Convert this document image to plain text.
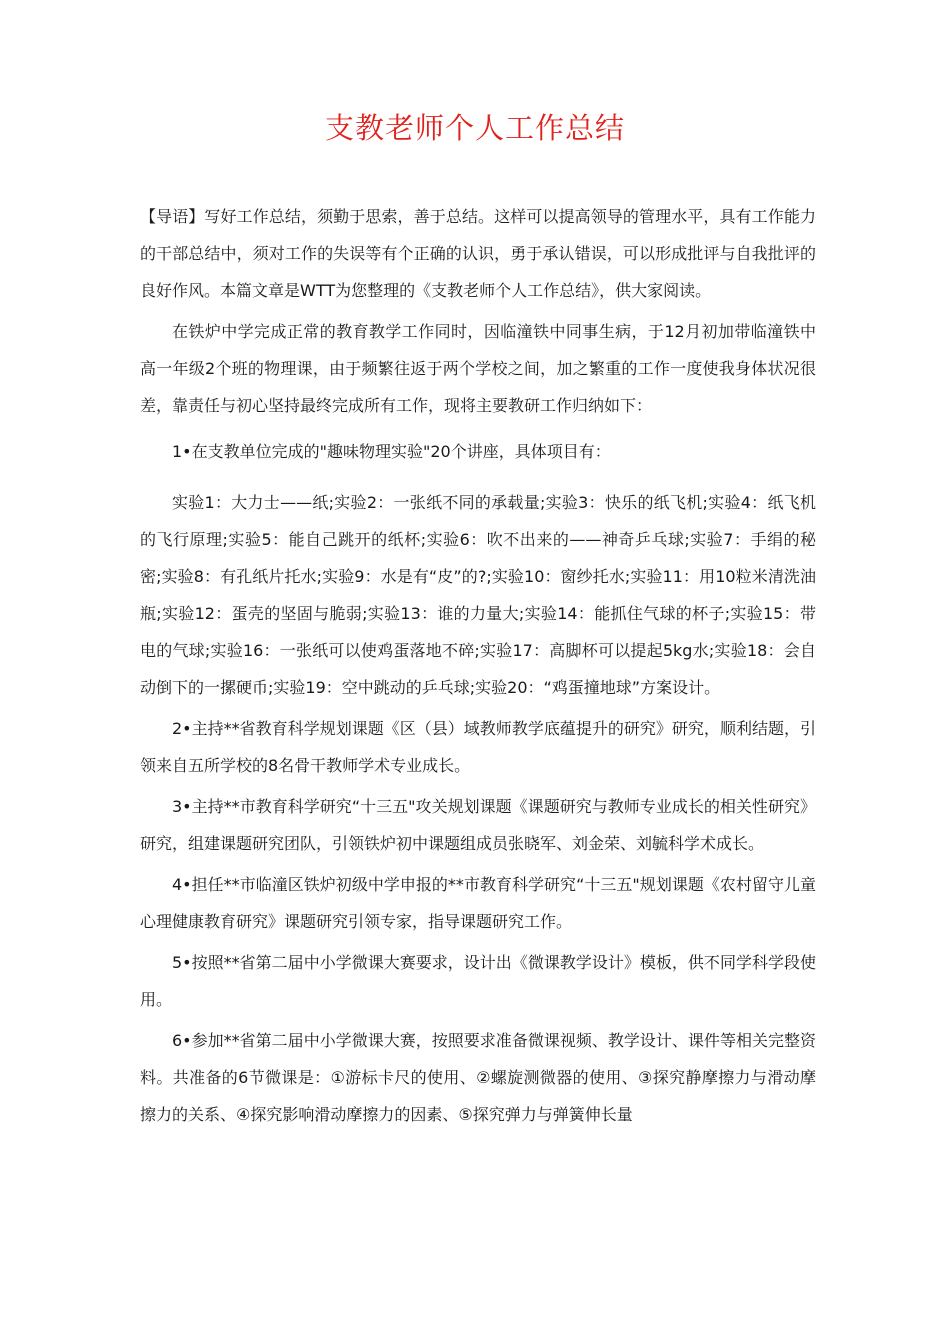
支教老师个人工作总结

【导语】写好工作总结，须勤于思索，善于总结。这样可以提高领导的管理水平，具有工作能力的干部总结中，须对工作的失误等有个正确的认识，勇于承认错误，可以形成批评与自我批评的良好作风。本篇文章是WTT为您整理的《支教老师个人工作总结》，供大家阅读。

在铁炉中学完成正常的教育教学工作同时，因临潼铁中同事生病，于12月初加带临潼铁中高一年级2个班的物理课，由于频繁往返于两个学校之间，加之繁重的工作一度使我身体状况很差，靠责任与初心坚持最终完成所有工作，现将主要教研工作归纳如下：

1•在支教单位完成的"趣味物理实验"20个讲座，具体项目有：

实验1：大力士——纸;实验2：一张纸不同的承载量;实验3：快乐的纸飞机;实验4：纸飞机的飞行原理;实验5：能自己跳开的纸杯;实验6：吹不出来的——神奇乒乓球;实验7：手绢的秘密;实验8：有孔纸片托水;实验9：水是有“皮”的?;实验10：窗纱托水;实验11：用10粒米清洗油瓶;实验12：蛋壳的坚固与脆弱;实验13：谁的力量大;实验14：能抓住气球的杯子;实验15：带电的气球;实验16：一张纸可以使鸡蛋落地不碎;实验17：高脚杯可以提起5kg水;实验18：会自动倒下的一摞硬币;实验19：空中跳动的乒乓球;实验20：“鸡蛋撞地球”方案设计。

2•主持**省教育科学规划课题《区（县）域教师教学底蕴提升的研究》研究，顺利结题，引领来自五所学校的8名骨干教师学术专业成长。

3•主持**市教育科学研究“十三五"攻关规划课题《课题研究与教师专业成长的相关性研究》研究，组建课题研究团队，引领铁炉初中课题组成员张晓军、刘金荣、刘毓科学术成长。

4•担任**市临潼区铁炉初级中学申报的**市教育科学研究“十三五"规划课题《农村留守儿童心理健康教育研究》课题研究引领专家，指导课题研究工作。

5•按照**省第二届中小学微课大赛要求，设计出《微课教学设计》模板，供不同学科学段使用。

6•参加**省第二届中小学微课大赛，按照要求准备微课视频、教学设计、课件等相关完整资料。共准备的6节微课是：①游标卡尺的使用、②螺旋测微器的使用、③探究静摩擦力与滑动摩擦力的关系、④探究影响滑动摩擦力的因素、⑤探究弹力与弹簧伸长量
